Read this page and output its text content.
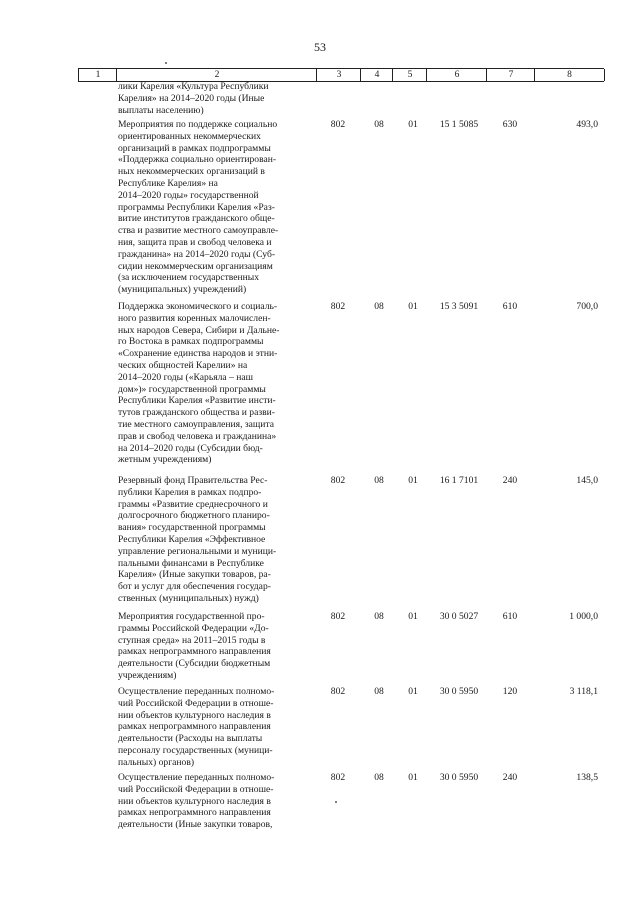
53
1	2	3	4	5	6	7	8
лики Карелия «Культура Республики
Карелия» на 2014–2020 годы (Иные
выплаты населению)
Мероприятия по поддержке социально
ориентированных некоммерческих
организаций в рамках подпрограммы
«Поддержка социально ориентирован-
ных некоммерческих организаций в
Республике Карелия» на
2014–2020 годы» государственной
программы Республики Карелия «Раз-
витие институтов гражданского обще-
ства и развитие местного самоуправле-
ния, защита прав и свобод человека и
гражданина» на 2014–2020 годы (Суб-
сидии некоммерческим организациям
(за исключением государственных
(муниципальных) учреждений)
802	08	01	15 1 5085	630	493,0
Поддержка экономического и социаль-
ного развития коренных малочислен-
ных народов Севера, Сибири и Дальне-
го Востока в рамках подпрограммы
«Сохранение единства народов и этни-
ческих общностей Карелии» на
2014–2020 годы («Карьяла – наш
дом»)» государственной программы
Республики Карелия «Развитие инсти-
тутов гражданского общества и разви-
тие местного самоуправления, защита
прав и свобод человека и гражданина»
на 2014–2020 годы (Субсидии бюд-
жетным учреждениям)
802	08	01	15 3 5091	610	700,0
Резервный фонд Правительства Рес-
публики Карелия в рамках подпро-
граммы «Развитие среднесрочного и
долгосрочного бюджетного планиро-
вания» государственной программы
Республики Карелия «Эффективное
управление региональными и муници-
пальными финансами в Республике
Карелия» (Иные закупки товаров, ра-
бот и услуг для обеспечения государ-
ственных (муниципальных) нужд)
802	08	01	16 1 7101	240	145,0
Мероприятия государственной про-
граммы Российской Федерации «До-
ступная среда» на 2011–2015 годы в
рамках непрограммного направления
деятельности (Субсидии бюджетным
учреждениям)
802	08	01	30 0 5027	610	1 000,0
Осуществление переданных полномо-
чий Российской Федерации в отноше-
нии объектов культурного наследия в
рамках непрограммного направления
деятельности (Расходы на выплаты
персоналу государственных (муници-
пальных) органов)
802	08	01	30 0 5950	120	3 118,1
Осуществление переданных полномо-
чий Российской Федерации в отноше-
нии объектов культурного наследия в
рамках непрограммного направления
деятельности (Иные закупки товаров,
802	08	01	30 0 5950	240	138,5
